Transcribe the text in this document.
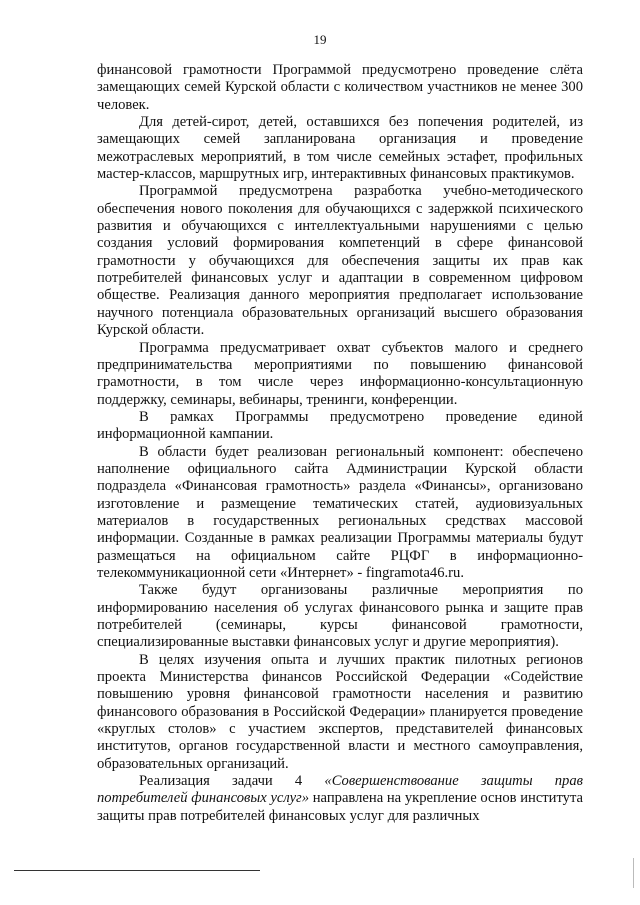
19

финансовой грамотности Программой предусмотрено проведение слёта замещающих семей Курской области с количеством участников не менее 300 человек.

Для детей-сирот, детей, оставшихся без попечения родителей, из замещающих семей запланирована организация и проведение межотраслевых мероприятий, в том числе семейных эстафет, профильных мастер-классов, маршрутных игр, интерактивных финансовых практикумов.

Программой предусмотрена разработка учебно-методического обеспечения нового поколения для обучающихся с задержкой психического развития и обучающихся с интеллектуальными нарушениями с целью создания условий формирования компетенций в сфере финансовой грамотности у обучающихся для обеспечения защиты их прав как потребителей финансовых услуг и адаптации в современном цифровом обществе. Реализация данного мероприятия предполагает использование научного потенциала образовательных организаций высшего образования Курской области.

Программа предусматривает охват субъектов малого и среднего предпринимательства мероприятиями по повышению финансовой грамотности, в том числе через информационно-консультационную поддержку, семинары, вебинары, тренинги, конференции.

В рамках Программы предусмотрено проведение единой информационной кампании.

В области будет реализован региональный компонент: обеспечено наполнение официального сайта Администрации Курской области подраздела «Финансовая грамотность» раздела «Финансы», организовано изготовление и размещение тематических статей, аудиовизуальных материалов в государственных региональных средствах массовой информации. Созданные в рамках реализации Программы материалы будут размещаться на официальном сайте РЦФГ в информационно-телекоммуникационной сети «Интернет» - fingramota46.ru.

Также будут организованы различные мероприятия по информированию населения об услугах финансового рынка и защите прав потребителей (семинары, курсы финансовой грамотности, специализированные выставки финансовых услуг и другие мероприятия).

В целях изучения опыта и лучших практик пилотных регионов проекта Министерства финансов Российской Федерации «Содействие повышению уровня финансовой грамотности населения и развитию финансового образования в Российской Федерации» планируется проведение «круглых столов» с участием экспертов, представителей финансовых институтов, органов государственной власти и местного самоуправления, образовательных организаций.

Реализация задачи 4 «Совершенствование защиты прав потребителей финансовых услуг» направлена на укрепление основ института защиты прав потребителей финансовых услуг для различных
